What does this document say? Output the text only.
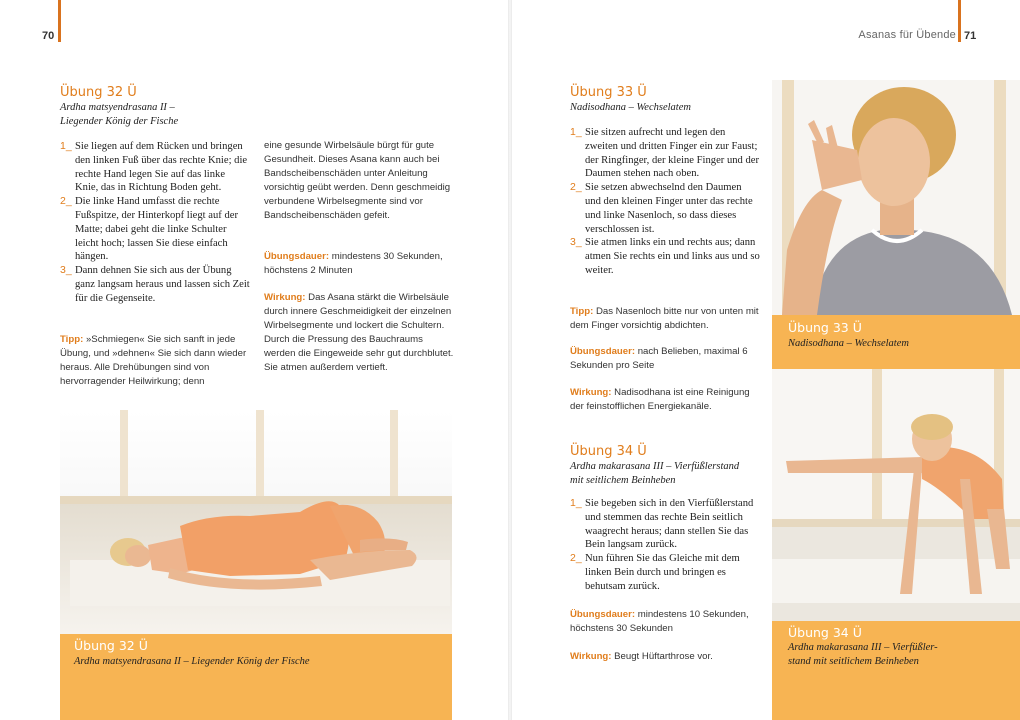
70
Übung 32 Ü
Ardha matsyendrasana II –
Liegender König der Fische
1_ Sie liegen auf dem Rücken und bringen den linken Fuß über das rechte Knie; die rechte Hand legen Sie auf das linke Knie, das in Richtung Boden geht.
2_ Die linke Hand umfasst die rechte Fußspitze, der Hinterkopf liegt auf der Matte; dabei geht die linke Schulter leicht hoch; lassen Sie diese einfach hängen.
3_ Dann dehnen Sie sich aus der Übung ganz langsam heraus und lassen sich Zeit für die Gegenseite.
Tipp: »Schmiegen« Sie sich sanft in jede Übung, und »dehnen« Sie sich dann wieder heraus. Alle Drehübungen sind von hervorragender Heilwirkung; denn
eine gesunde Wirbelsäule bürgt für gute Gesundheit. Dieses Asana kann auch bei Bandscheibenschäden unter Anleitung vorsichtig geübt werden. Denn geschmeidig verbundene Wirbelsegmente sind vor Bandscheibenschäden gefeit.
Übungsdauer: mindestens 30 Sekunden, höchstens 2 Minuten
Wirkung: Das Asana stärkt die Wirbelsäule durch innere Geschmeidigkeit der einzelnen Wirbelsegmente und lockert die Schultern. Durch die Pressung des Bauchraums werden die Eingeweide sehr gut durchblutet. Sie atmen außerdem vertieft.
Übung 32 Ü
Ardha matsyendrasana II – Liegender König der Fische
Asanas für Übende 71
Übung 33 Ü
Nadisodhana – Wechselatem
1_ Sie sitzen aufrecht und legen den zweiten und dritten Finger ein zur Faust; der Ringfinger, der kleine Finger und der Daumen stehen nach oben.
2_ Sie setzen abwechselnd den Daumen und den kleinen Finger unter das rechte und linke Nasenloch, so dass dieses verschlossen ist.
3_ Sie atmen links ein und rechts aus; dann atmen Sie rechts ein und links aus und so weiter.
Tipp: Das Nasenloch bitte nur von unten mit dem Finger vorsichtig abdichten.
Übungsdauer: nach Belieben, maximal 6 Sekunden pro Seite
Wirkung: Nadisodhana ist eine Reinigung der feinstofflichen Energiekanäle.
Übung 34 Ü
Ardha makarasana III – Vierfüßlerstand
mit seitlichem Beinheben
1_ Sie begeben sich in den Vierfüßlerstand und stemmen das rechte Bein seitlich waagrecht heraus; dann stellen Sie das Bein langsam zurück.
2_ Nun führen Sie das Gleiche mit dem linken Bein durch und bringen es behutsam zurück.
Übungsdauer: mindestens 10 Sekunden, höchstens 30 Sekunden
Wirkung: Beugt Hüftarthrose vor.
Übung 33 Ü
Nadisodhana – Wechselatem
Übung 34 Ü
Ardha makarasana III – Vierfüßler-
stand mit seitlichem Beinheben
